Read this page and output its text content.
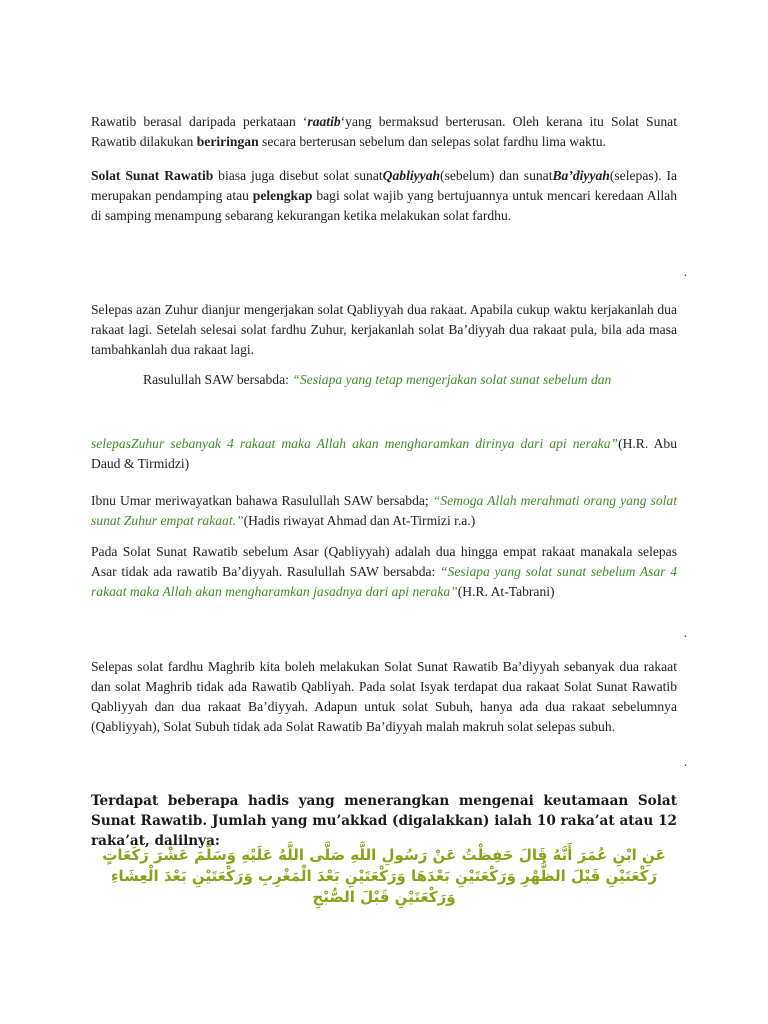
Rawatib berasal daripada perkataan ‘raatib‘yang bermaksud berterusan. Oleh kerana itu Solat Sunat Rawatib dilakukan beriringan secara berterusan sebelum dan selepas solat fardhu lima waktu.

Solat Sunat Rawatib biasa juga disebut solat sunatQabliyyah(sebelum) dan sunatBa’diyyah(selepas). Ia merupakan pendamping atau pelengkap bagi solat wajib yang bertujuannya untuk mencari keredaan Allah di samping menampung sebarang kekurangan ketika melakukan solat fardhu.

.

Selepas azan Zuhur dianjur mengerjakan solat Qabliyyah dua rakaat. Apabila cukup waktu kerjakanlah dua rakaat lagi. Setelah selesai solat fardhu Zuhur, kerjakanlah solat Ba’diyyah dua rakaat pula, bila ada masa tambahkanlah dua rakaat lagi.

Rasulullah SAW bersabda: “Sesiapa yang tetap mengerjakan solat sunat sebelum dan

selepasZuhur sebanyak 4 rakaat maka Allah akan mengharamkan dirinya dari api neraka”(H.R. Abu Daud & Tirmidzi)

Ibnu Umar meriwayatkan bahawa Rasulullah SAW bersabda; “Semoga Allah merahmati orang yang solat sunat Zuhur empat rakaat.”(Hadis riwayat Ahmad dan At-Tirmizi r.a.)

Pada Solat Sunat Rawatib sebelum Asar (Qabliyyah) adalah dua hingga empat rakaat manakala selepas Asar tidak ada rawatib Ba’diyyah. Rasulullah SAW bersabda: “Sesiapa yang solat sunat sebelum Asar 4 rakaat maka Allah akan mengharamkan jasadnya dari api neraka”(H.R. At-Tabrani)

.

Selepas solat fardhu Maghrib kita boleh melakukan Solat Sunat Rawatib Ba’diyyah sebanyak dua rakaat dan solat Maghrib tidak ada Rawatib Qabliyah. Pada solat Isyak terdapat dua rakaat Solat Sunat Rawatib Qabliyyah dan dua rakaat Ba’diyyah. Adapun untuk solat Subuh, hanya ada dua rakaat sebelumnya (Qabliyyah), Solat Subuh tidak ada Solat Rawatib Ba’diyyah malah makruh solat selepas subuh.

.

Terdapat beberapa hadis yang menerangkan mengenai keutamaan Solat Sunat Rawatib. Jumlah yang mu’akkad (digalakkan) ialah 10 raka’at atau 12 raka’at, dalilnya:

عَنِ ابْنِ عُمَرَ أَنَّهُ قَالَ حَفِظْتُ عَنْ رَسُولِ اللَّهِ صَلَّى اللَّهُ عَلَيْهِ وَسَلَّمَ عَشْرَ رَكَعَاتٍ رَكْعَتَيْنِ قَبْلَ الظُّهْرِ وَرَكْعَتَيْنِ بَعْدَهَا وَرَكْعَتَيْنِ بَعْدَ الْمَغْرِبِ وَرَكْعَتَيْنِ بَعْدَ الْعِشَاءِ وَرَكْعَتَيْنِ قَبْلَ الصُّبْحِ
